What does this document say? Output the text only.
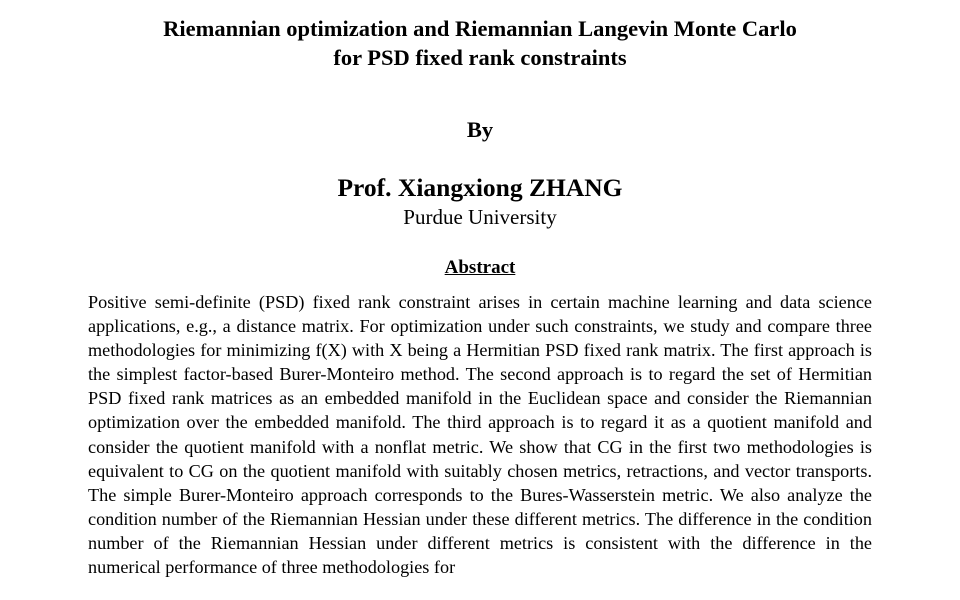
Riemannian optimization and Riemannian Langevin Monte Carlo
for PSD fixed rank constraints
By
Prof. Xiangxiong ZHANG
Purdue University
Abstract

Positive semi-definite (PSD) fixed rank constraint arises in certain machine learning and data science applications, e.g., a distance matrix. For optimization under such constraints, we study and compare three methodologies for minimizing f(X) with X being a Hermitian PSD fixed rank matrix. The first approach is the simplest factor-based Burer-Monteiro method. The second approach is to regard the set of Hermitian PSD fixed rank matrices as an embedded manifold in the Euclidean space and consider the Riemannian optimization over the embedded manifold. The third approach is to regard it as a quotient manifold and consider the quotient manifold with a nonflat metric. We show that CG in the first two methodologies is equivalent to CG on the quotient manifold with suitably chosen metrics, retractions, and vector transports. The simple Burer-Monteiro approach corresponds to the Bures-Wasserstein metric. We also analyze the condition number of the Riemannian Hessian under these different metrics. The difference in the condition number of the Riemannian Hessian under different metrics is consistent with the difference in the numerical performance of three methodologies for
